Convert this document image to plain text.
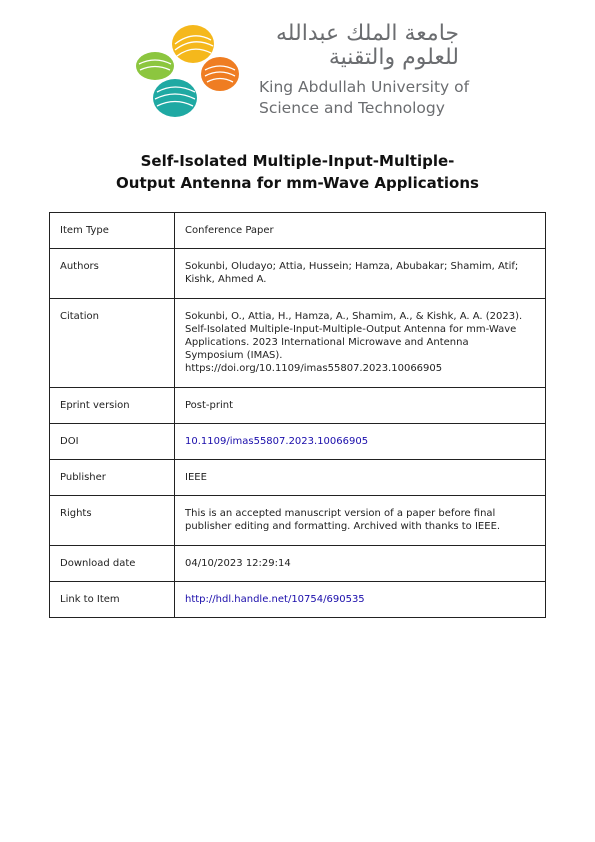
جامعة الملك عبدالله
للعلوم والتقنية
King Abdullah University of
Science and Technology
Self-Isolated Multiple-Input-Multiple-
Output Antenna for mm-Wave Applications
Item Type	Conference Paper
Authors	Sokunbi, Oludayo; Attia, Hussein; Hamza, Abubakar; Shamim, Atif; Kishk, Ahmed A.
Citation	Sokunbi, O., Attia, H., Hamza, A., Shamim, A., & Kishk, A. A. (2023). Self-Isolated Multiple-Input-Multiple-Output Antenna for mm-Wave Applications. 2023 International Microwave and Antenna Symposium (IMAS). https://doi.org/10.1109/imas55807.2023.10066905
Eprint version	Post-print
DOI	10.1109/imas55807.2023.10066905
Publisher	IEEE
Rights	This is an accepted manuscript version of a paper before final publisher editing and formatting. Archived with thanks to IEEE.
Download date	04/10/2023 12:29:14
Link to Item	http://hdl.handle.net/10754/690535
